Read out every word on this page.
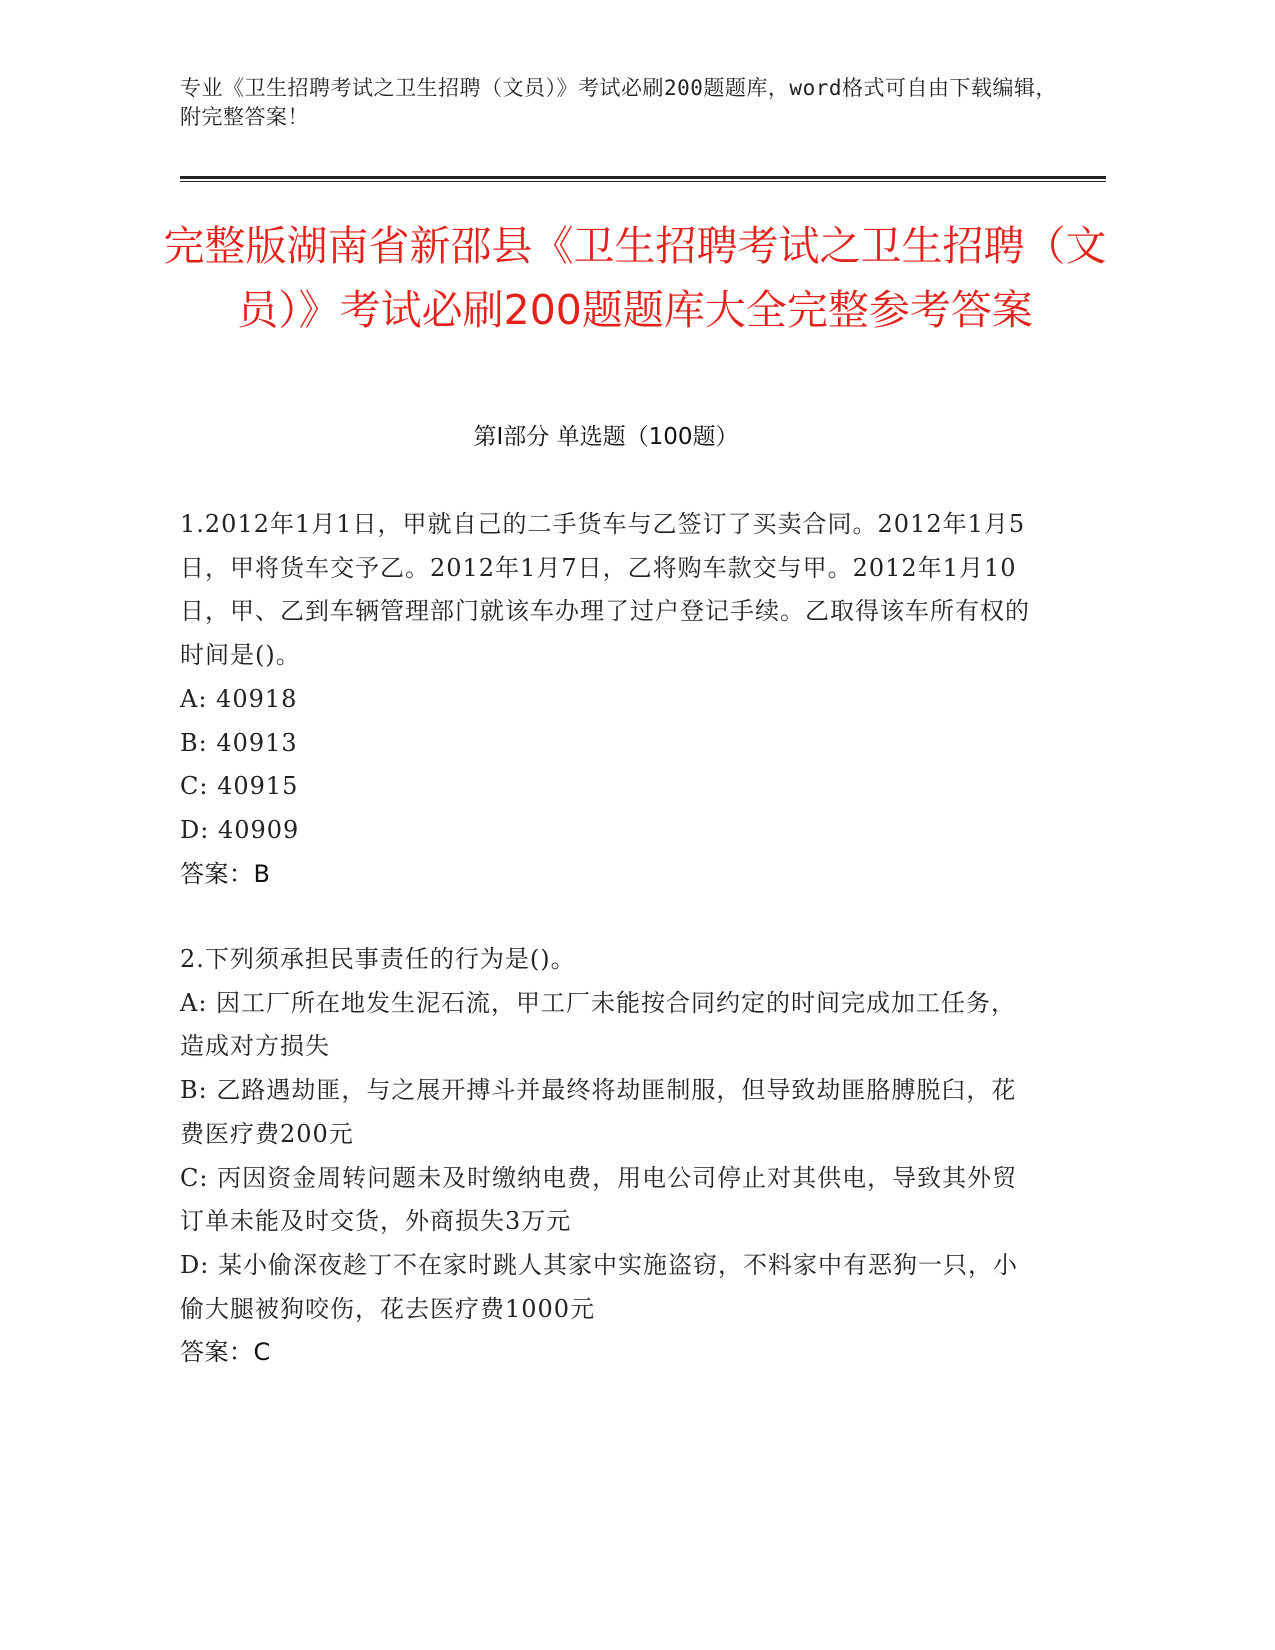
专业《卫生招聘考试之卫生招聘（文员）》考试必刷200题题库，word格式可自由下载编辑，附完整答案！
完整版湖南省新邵县《卫生招聘考试之卫生招聘（文员）》考试必刷200题题库大全完整参考答案
第I部分 单选题（100题）

1.2012年1月1日，甲就自己的二手货车与乙签订了买卖合同。2012年1月5日，甲将货车交予乙。2012年1月7日，乙将购车款交与甲。2012年1月10日，甲、乙到车辆管理部门就该车办理了过户登记手续。乙取得该车所有权的时间是()。

A: 40918

B: 40913

C: 40915

D: 40909

答案：B

2.下列须承担民事责任的行为是()。

A: 因工厂所在地发生泥石流，甲工厂未能按合同约定的时间完成加工任务，造成对方损失

B: 乙路遇劫匪，与之展开搏斗并最终将劫匪制服，但导致劫匪胳膊脱臼，花费医疗费200元

C: 丙因资金周转问题未及时缴纳电费，用电公司停止对其供电，导致其外贸订单未能及时交货，外商损失3万元

D: 某小偷深夜趁丁不在家时跳人其家中实施盗窃，不料家中有恶狗一只，小偷大腿被狗咬伤，花去医疗费1000元

答案：C
